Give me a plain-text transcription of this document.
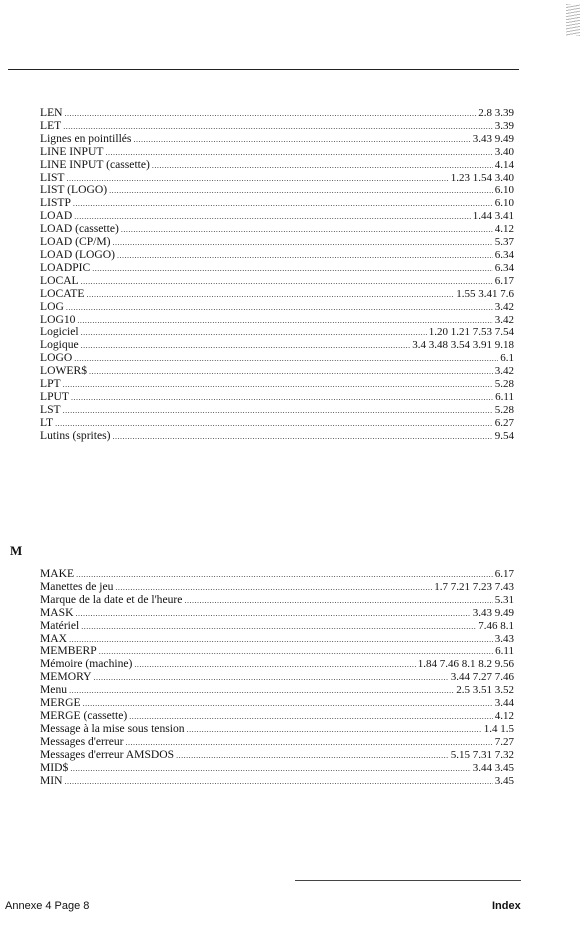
LEN .....	2.8 3.39
LET .....	3.39
Lignes en pointillés .....	3.43 9.49
LINE INPUT .....	3.40
LINE INPUT (cassette) .....	4.14
LIST .....	1.23 1.54 3.40
LIST (LOGO) .....	6.10
LISTP .....	6.10
LOAD .....	1.44 3.41
LOAD (cassette) .....	4.12
LOAD (CP/M) .....	5.37
LOAD (LOGO) .....	6.34
LOADPIC .....	6.34
LOCAL .....	6.17
LOCATE .....	1.55 3.41 7.6
LOG .....	3.42
LOG10 .....	3.42
Logiciel .....	1.20 1.21 7.53 7.54
Logique .....	3.4 3.48 3.54 3.91 9.18
LOGO .....	6.1
LOWER$ .....	3.42
LPT .....	5.28
LPUT .....	6.11
LST .....	5.28
LT .....	6.27
Lutins (sprites) .....	9.54
M
MAKE .....	6.17
Manettes de jeu .....	1.7 7.21 7.23 7.43
Marque de la date et de l'heure .....	5.31
MASK .....	3.43 9.49
Matériel .....	7.46 8.1
MAX .....	3.43
MEMBERP .....	6.11
Mémoire (machine) .....	1.84 7.46 8.1 8.2 9.56
MEMORY .....	3.44 7.27 7.46
Menu .....	2.5 3.51 3.52
MERGE .....	3.44
MERGE (cassette) .....	4.12
Message à la mise sous tension .....	1.4 1.5
Messages d'erreur .....	7.27
Messages d'erreur AMSDOS .....	5.15 7.31 7.32
MID$ .....	3.44 3.45
MIN .....	3.45
Annexe 4 Page 8	Index
